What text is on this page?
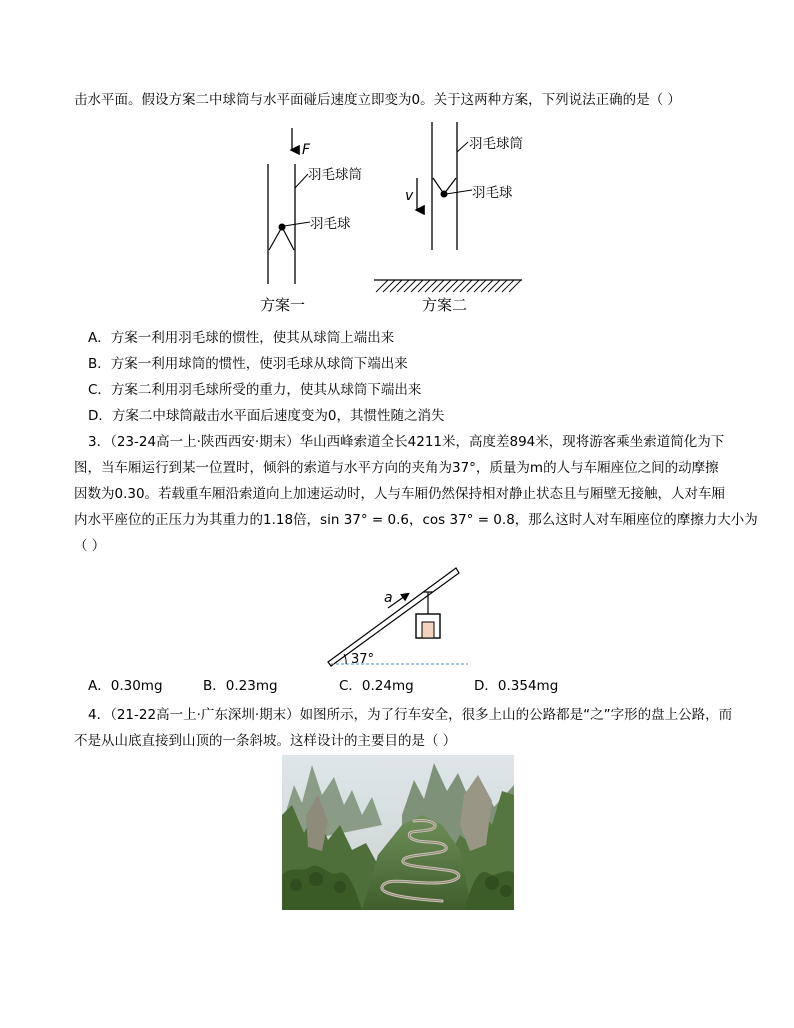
击水平面。假设方案二中球筒与水平面碰后速度立即变为0。关于这两种方案，下列说法正确的是（ ）
F
羽毛球筒
羽毛球
方案一
v
羽毛球筒
羽毛球
方案二
A．方案一利用羽毛球的惯性，使其从球筒上端出来
B．方案一利用球筒的惯性，使羽毛球从球筒下端出来
C．方案二利用羽毛球所受的重力，使其从球筒下端出来
D．方案二中球筒敲击水平面后速度变为0，其惯性随之消失
3．（23-24高一上·陕西西安·期末）华山西峰索道全长4211米，高度差894米，现将游客乘坐索道简化为下
图，当车厢运行到某一位置时，倾斜的索道与水平方向的夹角为37°，质量为m的人与车厢座位之间的动摩擦
因数为0.30。若载重车厢沿索道向上加速运动时，人与车厢仍然保持相对静止状态且与厢壁无接触，人对车厢
内水平座位的正压力为其重力的1.18倍，sin 37° = 0.6，cos 37° = 0.8，那么这时人对车厢座位的摩擦力大小为
（ ）
37°
a
A．0.30mg	B．0.23mg	C．0.24mg	D．0.354mg
4．（21-22高一上·广东深圳·期末）如图所示，为了行车安全，很多上山的公路都是“之”字形的盘上公路，而
不是从山底直接到山顶的一条斜坡。这样设计的主要目的是（ ）
